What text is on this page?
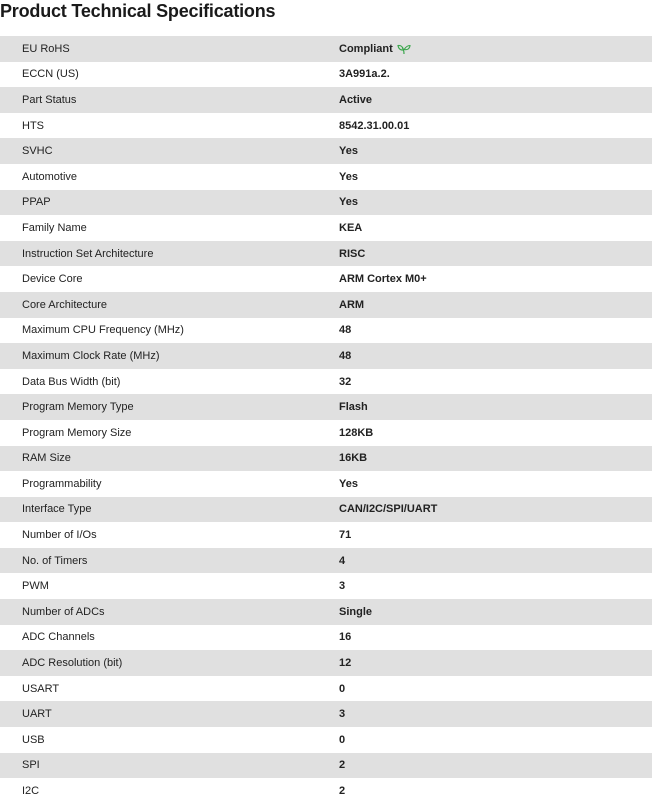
Product Technical Specifications
EU RoHS	Compliant
ECCN (US)	3A991a.2.
Part Status	Active
HTS	8542.31.00.01
SVHC	Yes
Automotive	Yes
PPAP	Yes
Family Name	KEA
Instruction Set Architecture	RISC
Device Core	ARM Cortex M0+
Core Architecture	ARM
Maximum CPU Frequency (MHz)	48
Maximum Clock Rate (MHz)	48
Data Bus Width (bit)	32
Program Memory Type	Flash
Program Memory Size	128KB
RAM Size	16KB
Programmability	Yes
Interface Type	CAN/I2C/SPI/UART
Number of I/Os	71
No. of Timers	4
PWM	3
Number of ADCs	Single
ADC Channels	16
ADC Resolution (bit)	12
USART	0
UART	3
USB	0
SPI	2
I2C	2
